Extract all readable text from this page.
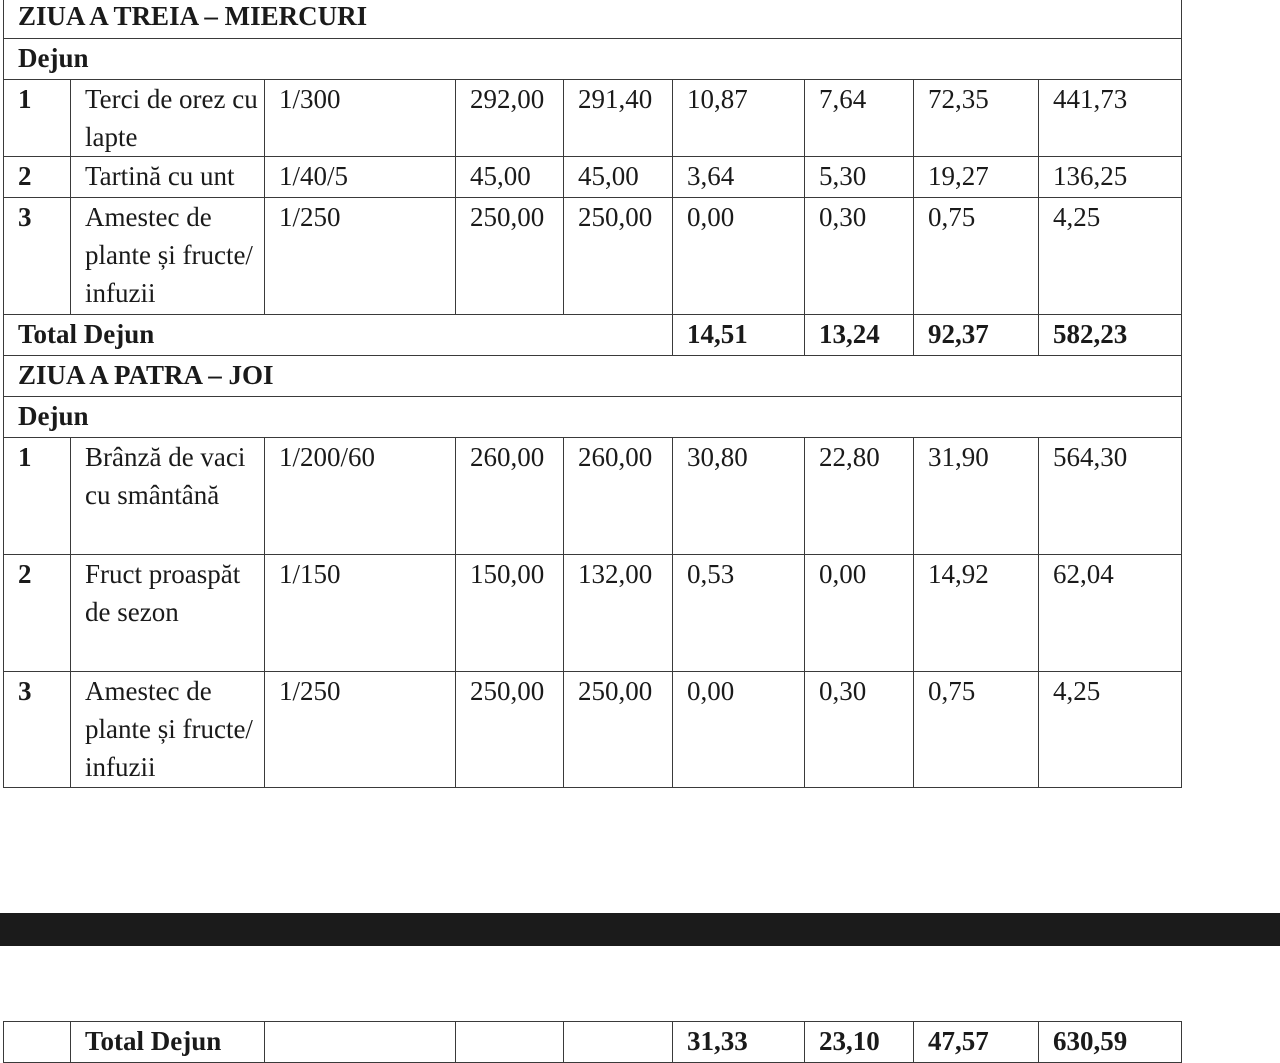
ZIUA A TREIA – MIERCURI								
Dejun								
1	Terci de orez cu lapte	1/300	292,00	291,40	10,87	7,64	72,35	441,73
2	Tartină cu unt	1/40/5	45,00	45,00	3,64	5,30	19,27	136,25
3	Amestec de plante și fructe/ infuzii	1/250	250,00	250,00	0,00	0,30	0,75	4,25
Total Dejun					14,51	13,24	92,37	582,23
ZIUA A PATRA – JOI								
Dejun								
1	Brânză de vaci cu smântână	1/200/60	260,00	260,00	30,80	22,80	31,90	564,30
2	Fruct proaspăt de sezon	1/150	150,00	132,00	0,53	0,00	14,92	62,04
3	Amestec de plante și fructe/ infuzii	1/250	250,00	250,00	0,00	0,30	0,75	4,25
	Total Dejun				31,33	23,10	47,57	630,59
